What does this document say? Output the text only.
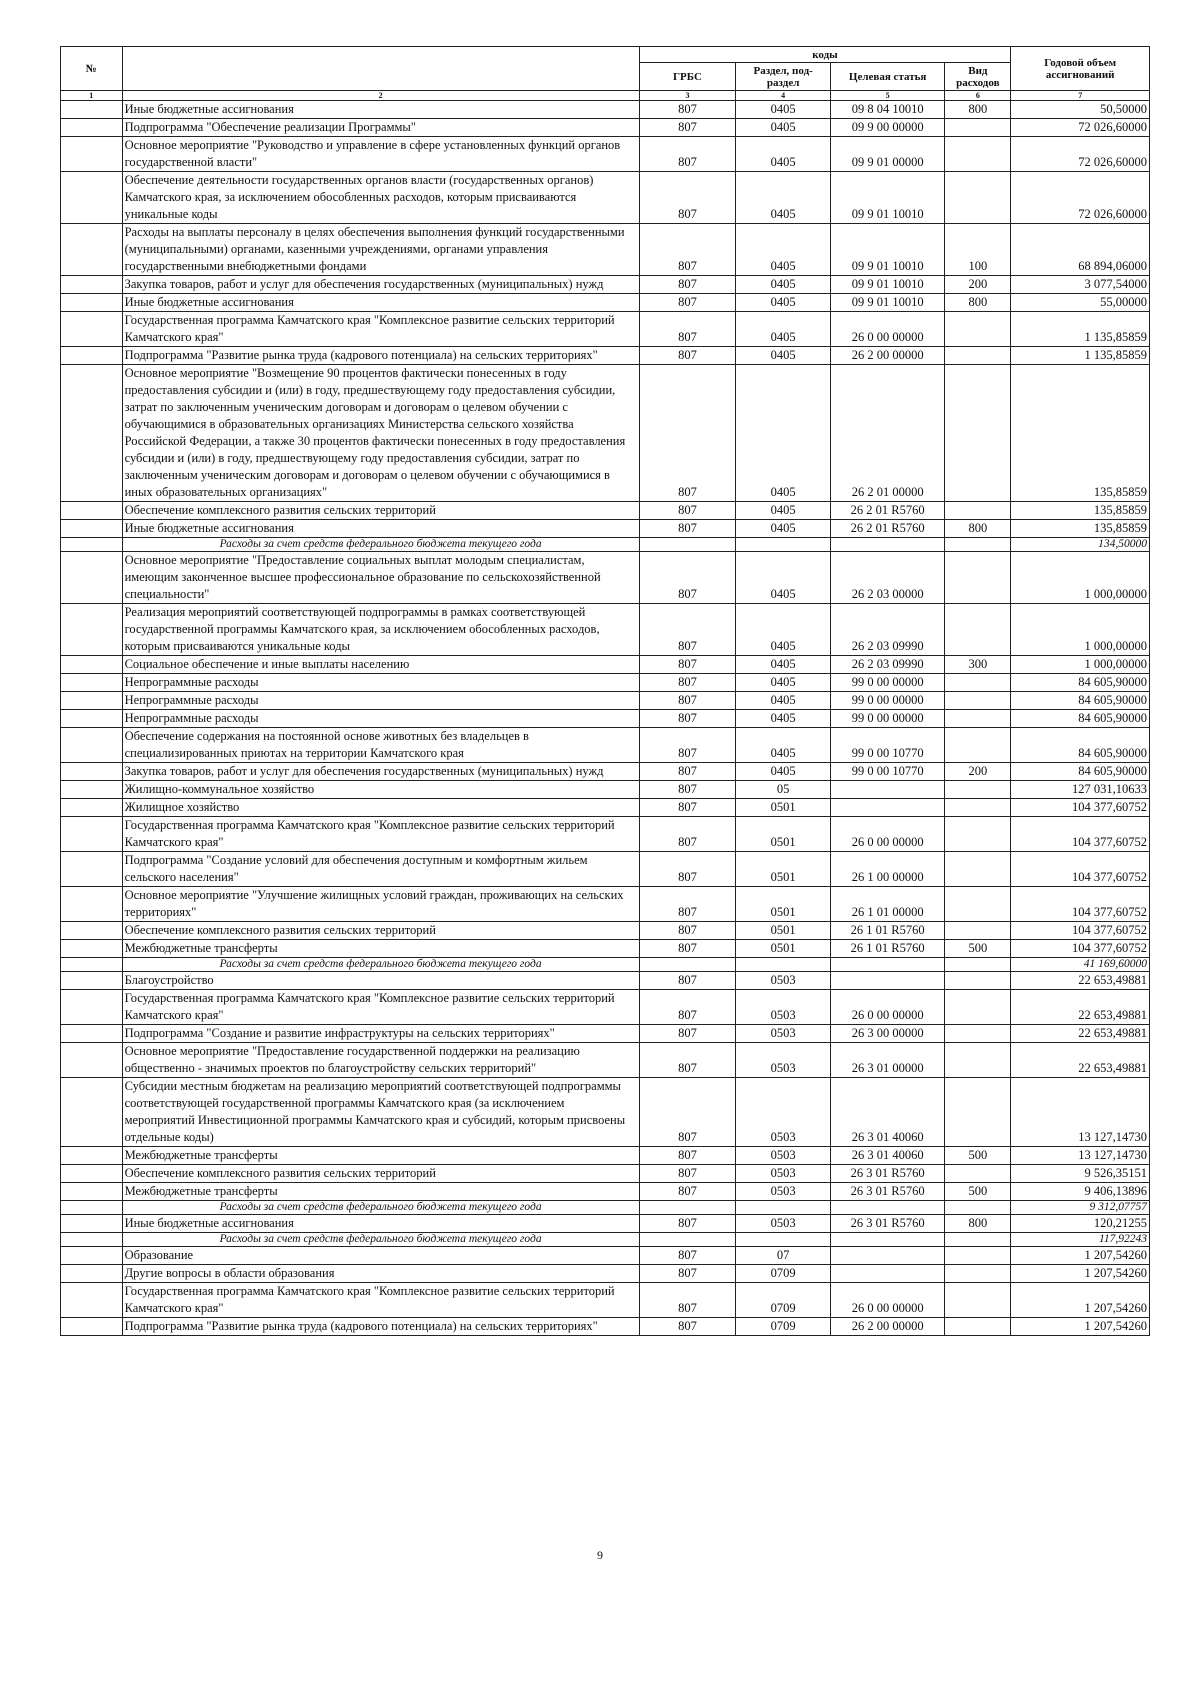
№		коды				Годовой объем ассигнований
		ГРБС	Раздел, под-раздел	Целевая статья	Вид расходов	
1	2	3	4	5	6	7
	Иные бюджетные ассигнования	807	0405	09 8 04 10010	800	50,50000
	Подпрограмма "Обеспечение реализации Программы"	807	0405	09 9 00 00000		72 026,60000
	Основное мероприятие "Руководство и управление в сфере установленных функций органов государственной власти"	807	0405	09 9 01 00000		72 026,60000
	Обеспечение деятельности государственных органов власти (государственных органов) Камчатского края, за исключением обособленных расходов, которым присваиваются уникальные коды	807	0405	09 9 01 10010		72 026,60000
	Расходы на выплаты персоналу в целях обеспечения выполнения функций государственными (муниципальными) органами, казенными учреждениями, органами управления государственными внебюджетными фондами	807	0405	09 9 01 10010	100	68 894,06000
	Закупка товаров, работ и услуг для обеспечения государственных (муниципальных) нужд	807	0405	09 9 01 10010	200	3 077,54000
	Иные бюджетные ассигнования	807	0405	09 9 01 10010	800	55,00000
	Государственная программа Камчатского края "Комплексное развитие сельских территорий Камчатского края"	807	0405	26 0 00 00000		1 135,85859
	Подпрограмма "Развитие рынка труда (кадрового потенциала) на сельских территориях"	807	0405	26 2 00 00000		1 135,85859
	Основное мероприятие "Возмещение 90 процентов фактически понесенных в году предоставления субсидии и (или) в году, предшествующему году предоставления субсидии, затрат по заключенным ученическим договорам и договорам о целевом обучении с обучающимися в образовательных организациях Министерства сельского хозяйства Российской Федерации, а также 30 процентов фактически понесенных в году предоставления субсидии и (или) в году, предшествующему году предоставления субсидии, затрат по заключенным ученическим договорам и договорам о целевом обучении с обучающимися в иных образовательных организациях"	807	0405	26 2 01 00000		135,85859
	Обеспечение комплексного развития сельских территорий	807	0405	26 2 01 R5760		135,85859
	Иные бюджетные ассигнования	807	0405	26 2 01 R5760	800	135,85859
	Расходы за счет средств федерального бюджета текущего года					134,50000
	Основное мероприятие "Предоставление социальных выплат молодым специалистам, имеющим законченное высшее профессиональное образование по сельскохозяйственной специальности"	807	0405	26 2 03 00000		1 000,00000
	Реализация мероприятий соответствующей подпрограммы в рамках соответствующей государственной программы Камчатского края, за исключением обособленных расходов, которым присваиваются уникальные коды	807	0405	26 2 03 09990		1 000,00000
	Социальное обеспечение и иные выплаты населению	807	0405	26 2 03 09990	300	1 000,00000
	Непрограммные расходы	807	0405	99 0 00 00000		84 605,90000
	Непрограммные расходы	807	0405	99 0 00 00000		84 605,90000
	Непрограммные расходы	807	0405	99 0 00 00000		84 605,90000
	Обеспечение содержания на постоянной основе животных без владельцев в специализированных приютах на территории Камчатского края	807	0405	99 0 00 10770		84 605,90000
	Закупка товаров, работ и услуг для обеспечения государственных (муниципальных) нужд	807	0405	99 0 00 10770	200	84 605,90000
	Жилищно-коммунальное хозяйство	807	05			127 031,10633
	Жилищное хозяйство	807	0501			104 377,60752
	Государственная программа Камчатского края "Комплексное развитие сельских территорий Камчатского края"	807	0501	26 0 00 00000		104 377,60752
	Подпрограмма "Создание условий для обеспечения доступным и комфортным жильем сельского населения"	807	0501	26 1 00 00000		104 377,60752
	Основное мероприятие "Улучшение жилищных условий граждан, проживающих на сельских территориях"	807	0501	26 1 01 00000		104 377,60752
	Обеспечение комплексного развития сельских территорий	807	0501	26 1 01 R5760		104 377,60752
	Межбюджетные трансферты	807	0501	26 1 01 R5760	500	104 377,60752
	Расходы за счет средств федерального бюджета текущего года					41 169,60000
	Благоустройство	807	0503			22 653,49881
	Государственная программа Камчатского края "Комплексное развитие сельских территорий Камчатского края"	807	0503	26 0 00 00000		22 653,49881
	Подпрограмма "Создание и развитие инфраструктуры на сельских территориях"	807	0503	26 3 00 00000		22 653,49881
	Основное мероприятие "Предоставление государственной поддержки на реализацию общественно - значимых проектов по благоустройству сельских территорий"	807	0503	26 3 01 00000		22 653,49881
	Субсидии местным бюджетам на реализацию мероприятий соответствующей подпрограммы соответствующей государственной программы Камчатского края (за исключением мероприятий Инвестиционной программы Камчатского края и субсидий, которым присвоены отдельные коды)	807	0503	26 3 01 40060		13 127,14730
	Межбюджетные трансферты	807	0503	26 3 01 40060	500	13 127,14730
	Обеспечение комплексного развития сельских территорий	807	0503	26 3 01 R5760		9 526,35151
	Межбюджетные трансферты	807	0503	26 3 01 R5760	500	9 406,13896
	Расходы за счет средств федерального бюджета текущего года					9 312,07757
	Иные бюджетные ассигнования	807	0503	26 3 01 R5760	800	120,21255
	Расходы за счет средств федерального бюджета текущего года					117,92243
	Образование	807	07			1 207,54260
	Другие вопросы в области образования	807	0709			1 207,54260
	Государственная программа Камчатского края "Комплексное развитие сельских территорий Камчатского края"	807	0709	26 0 00 00000		1 207,54260
	Подпрограмма "Развитие рынка труда (кадрового потенциала) на сельских территориях"	807	0709	26 2 00 00000		1 207,54260
9
